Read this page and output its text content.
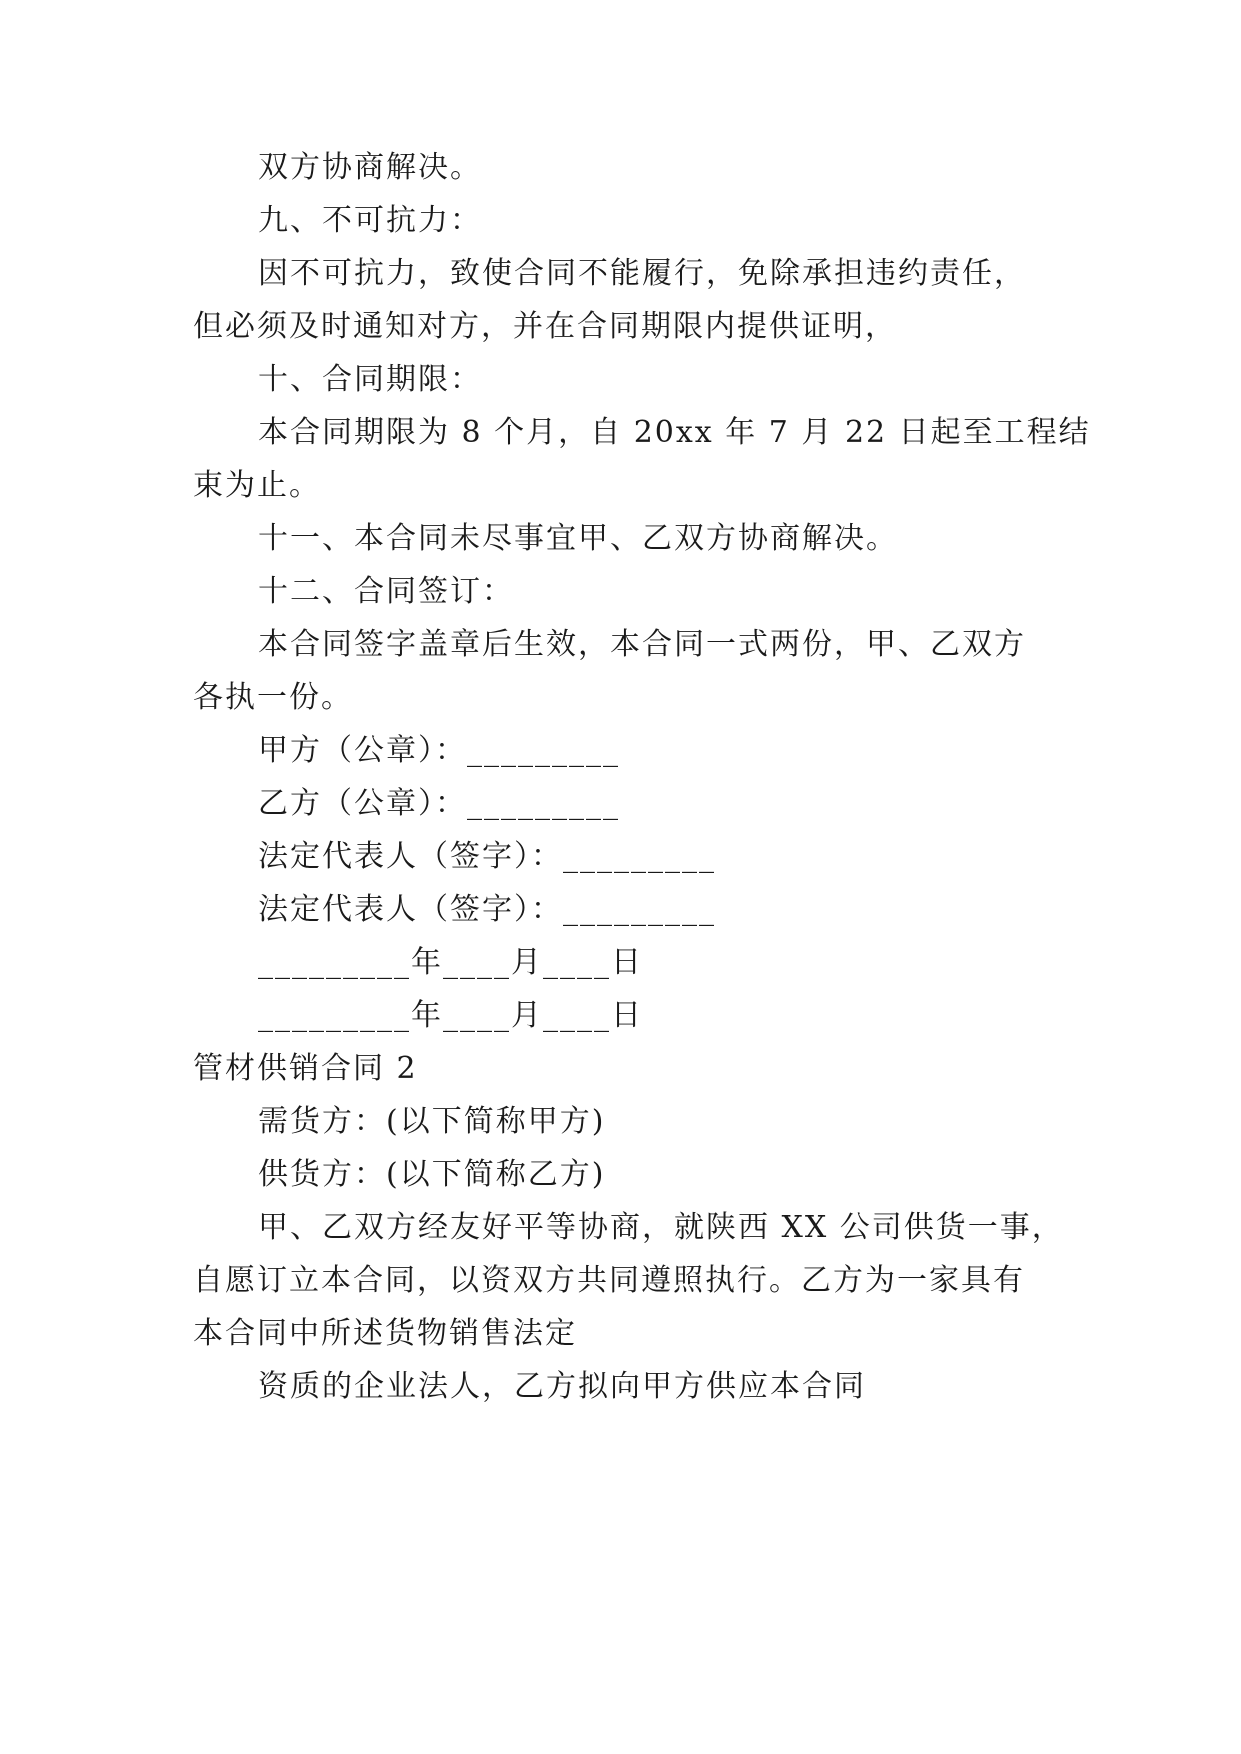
双方协商解决。
九、不可抗力：
因不可抗力，致使合同不能履行，免除承担违约责任，
但必须及时通知对方，并在合同期限内提供证明，
十、合同期限：
本合同期限为 8 个月，自 20xx 年 7 月 22 日起至工程结
束为止。
十一、本合同未尽事宜甲、乙双方协商解决。
十二、合同签订：
本合同签字盖章后生效，本合同一式两份，甲、乙双方
各执一份。
甲方（公章）：_________
乙方（公章）：_________
法定代表人（签字）：_________
法定代表人（签字）：_________
_________年____月____日
_________年____月____日
管材供销合同 2
需货方：(以下简称甲方)
供货方：(以下简称乙方)
甲、乙双方经友好平等协商，就陕西 XX 公司供货一事，
自愿订立本合同，以资双方共同遵照执行。乙方为一家具有
本合同中所述货物销售法定
资质的企业法人，乙方拟向甲方供应本合同
